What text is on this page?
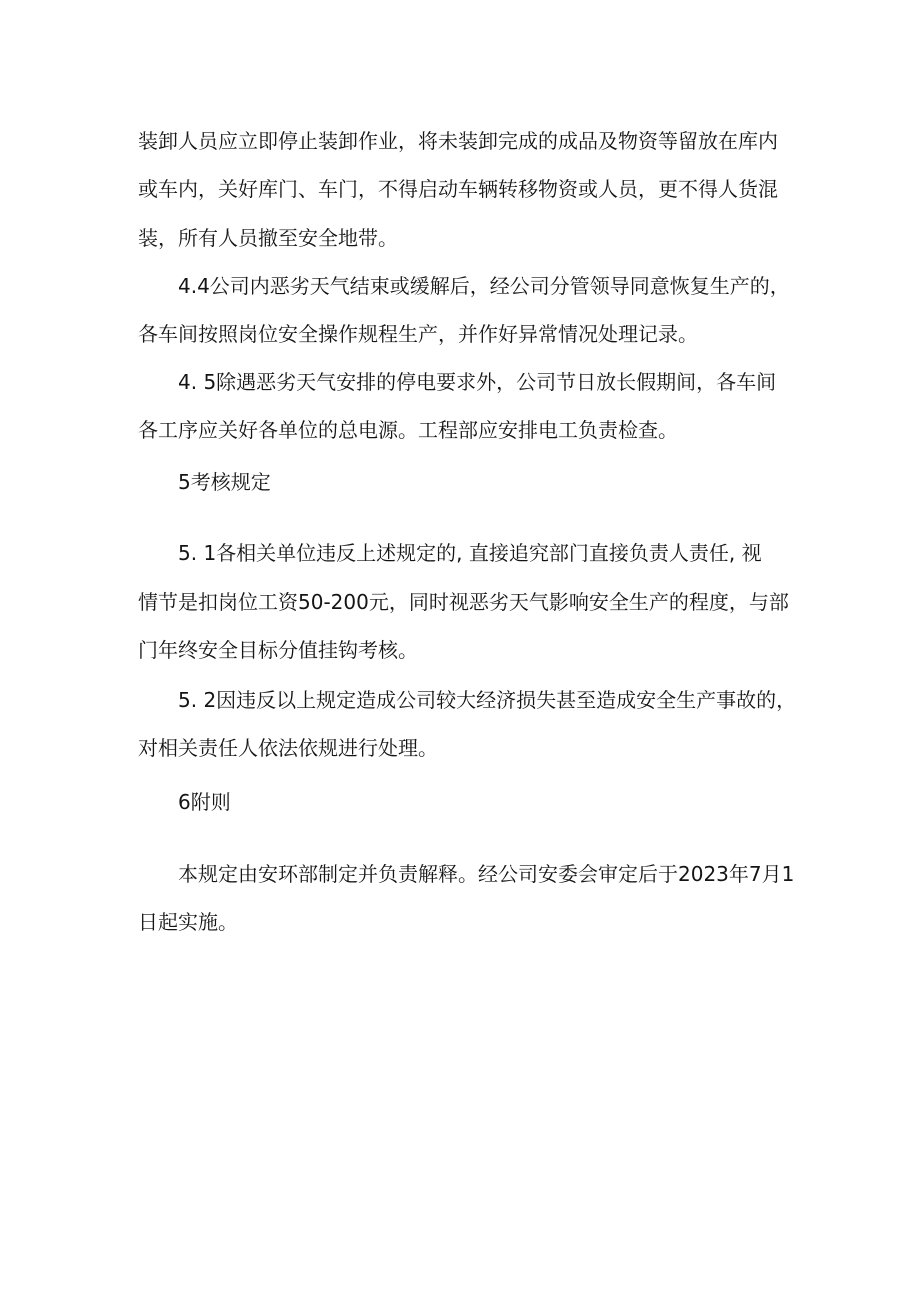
装卸人员应立即停止装卸作业，将未装卸完成的成品及物资等留放在库内

或车内，关好库门、车门，不得启动车辆转移物资或人员，更不得人货混

装，所有人员撤至安全地带。

4.4公司内恶劣天气结束或缓解后，经公司分管领导同意恢复生产的，

各车间按照岗位安全操作规程生产，并作好异常情况处理记录。

4. 5除遇恶劣天气安排的停电要求外，公司节日放长假期间，各车间

各工序应关好各单位的总电源。工程部应安排电工负责检查。

5考核规定

5. 1各相关单位违反上述规定的, 直接追究部门直接负责人责任, 视

情节是扣岗位工资50-200元，同时视恶劣天气影响安全生产的程度，与部

门年终安全目标分值挂钩考核。

5. 2因违反以上规定造成公司较大经济损失甚至造成安全生产事故的，

对相关责任人依法依规进行处理。

6附则

本规定由安环部制定并负责解释。经公司安委会审定后于2023年7月1

日起实施。
